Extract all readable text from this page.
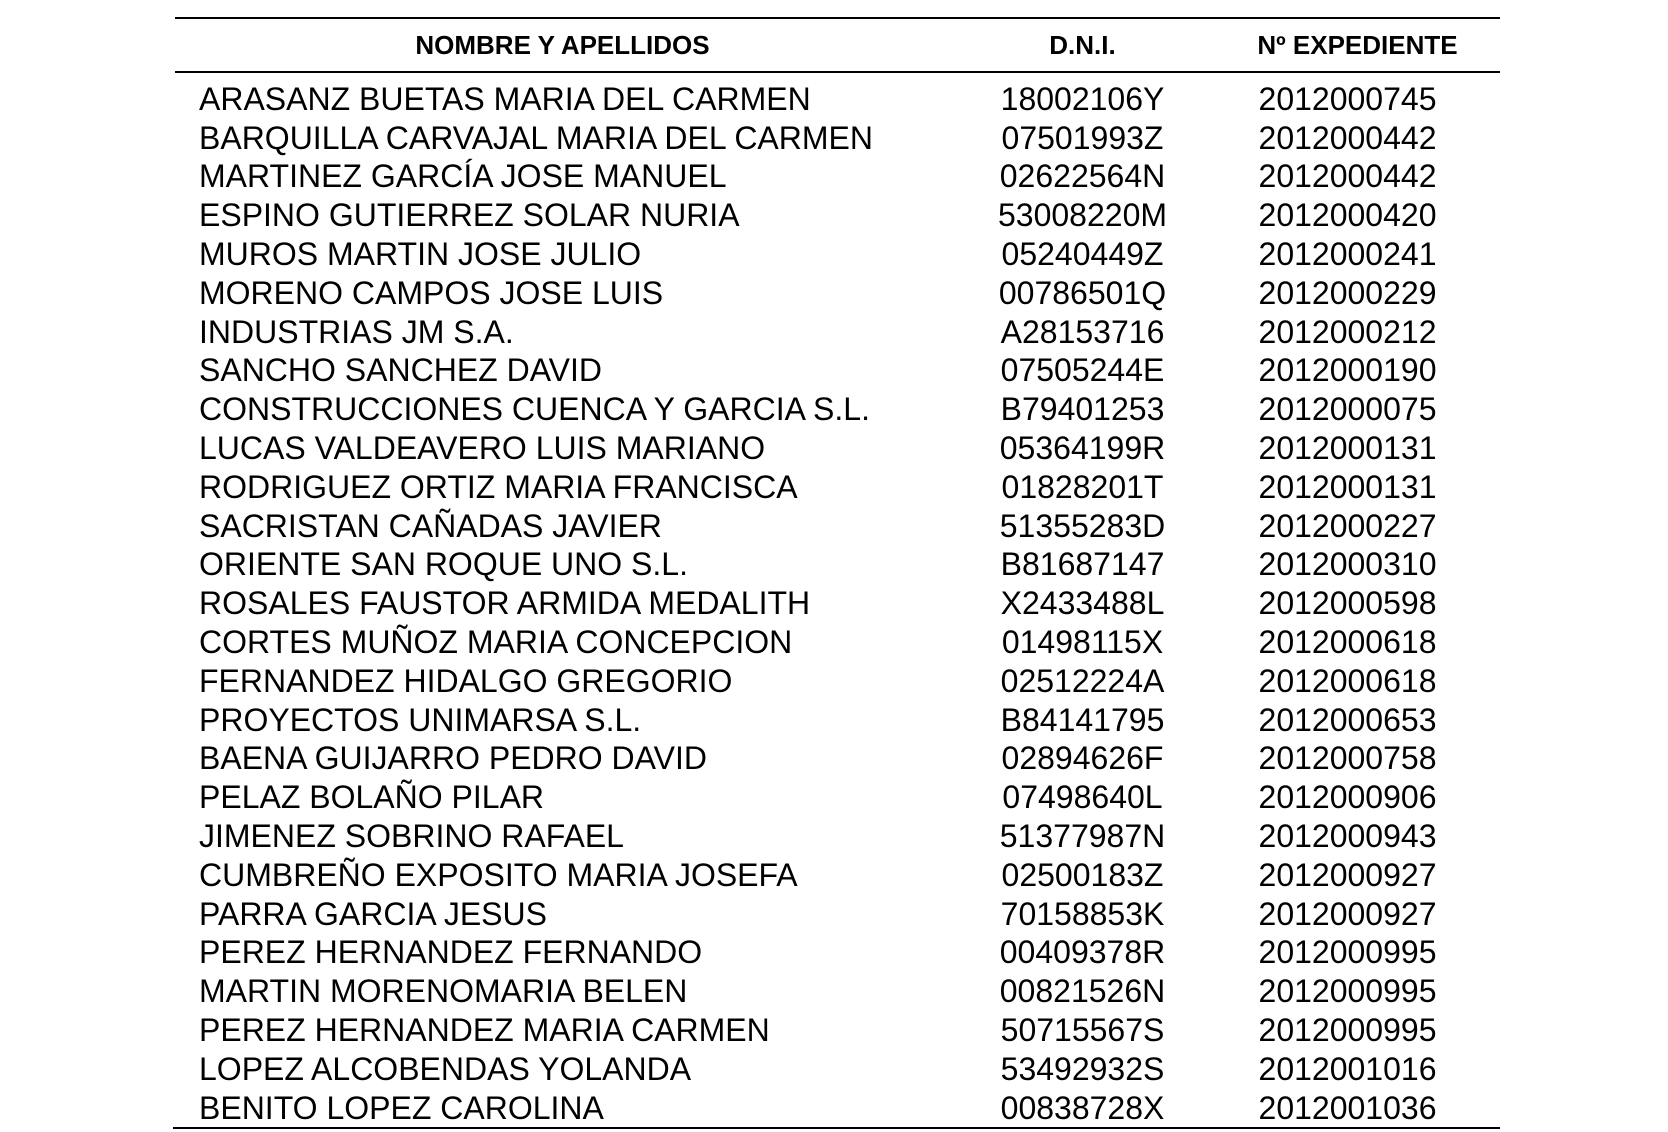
NOMBRE Y APELLIDOS	D.N.I.	Nº EXPEDIENTE
ARASANZ BUETAS MARIA DEL CARMEN	18002106Y	2012000745
BARQUILLA CARVAJAL MARIA DEL CARMEN	07501993Z	2012000442
MARTINEZ GARCÍA JOSE MANUEL	02622564N	2012000442
ESPINO GUTIERREZ SOLAR NURIA	53008220M	2012000420
MUROS MARTIN JOSE JULIO	05240449Z	2012000241
MORENO CAMPOS JOSE LUIS	00786501Q	2012000229
INDUSTRIAS JM S.A.	A28153716	2012000212
SANCHO SANCHEZ DAVID	07505244E	2012000190
CONSTRUCCIONES CUENCA Y GARCIA S.L.	B79401253	2012000075
LUCAS VALDEAVERO LUIS MARIANO	05364199R	2012000131
RODRIGUEZ ORTIZ MARIA FRANCISCA	01828201T	2012000131
SACRISTAN CAÑADAS JAVIER	51355283D	2012000227
ORIENTE SAN ROQUE UNO S.L.	B81687147	2012000310
ROSALES FAUSTOR ARMIDA MEDALITH	X2433488L	2012000598
CORTES MUÑOZ MARIA CONCEPCION	01498115X	2012000618
FERNANDEZ HIDALGO GREGORIO	02512224A	2012000618
PROYECTOS UNIMARSA S.L.	B84141795	2012000653
BAENA GUIJARRO PEDRO DAVID	02894626F	2012000758
PELAZ BOLAÑO PILAR	07498640L	2012000906
JIMENEZ SOBRINO RAFAEL	51377987N	2012000943
CUMBREÑO EXPOSITO MARIA JOSEFA	02500183Z	2012000927
PARRA GARCIA JESUS	70158853K	2012000927
PEREZ HERNANDEZ FERNANDO	00409378R	2012000995
MARTIN MORENOMARIA BELEN	00821526N	2012000995
PEREZ HERNANDEZ MARIA CARMEN	50715567S	2012000995
LOPEZ ALCOBENDAS YOLANDA	53492932S	2012001016
BENITO LOPEZ CAROLINA	00838728X	2012001036
